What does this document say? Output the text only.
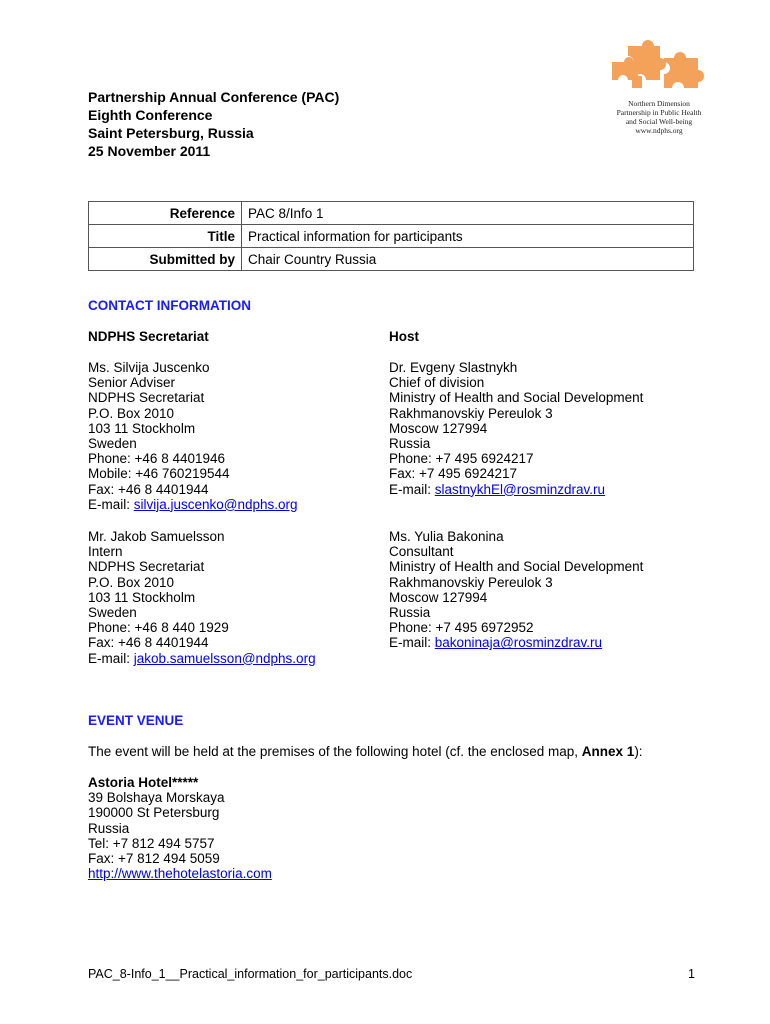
Partnership Annual Conference (PAC)
Eighth Conference
Saint Petersburg, Russia
25 November 2011
Northern Dimension
Partnership in Public Health
and Social Well-being
www.ndphs.org
Reference	PAC 8/Info 1
Title	Practical information for participants
Submitted by	Chair Country Russia
CONTACT INFORMATION
NDPHS Secretariat	Host
Ms. Silvija Juscenko
Senior Adviser
NDPHS Secretariat
P.O. Box 2010
103 11 Stockholm
Sweden
Phone: +46 8 4401946
Mobile: +46 760219544
Fax: +46 8 4401944
E-mail: silvija.juscenko@ndphs.org
Dr. Evgeny Slastnykh
Chief of division
Ministry of Health and Social Development
Rakhmanovskiy Pereulok 3
Moscow 127994
Russia
Phone: +7 495 6924217
Fax: +7 495 6924217
E-mail: slastnykhEl@rosminzdrav.ru
Mr. Jakob Samuelsson
Intern
NDPHS Secretariat
P.O. Box 2010
103 11 Stockholm
Sweden
Phone: +46 8 440 1929
Fax: +46 8 4401944
E-mail: jakob.samuelsson@ndphs.org
Ms. Yulia Bakonina
Consultant
Ministry of Health and Social Development
Rakhmanovskiy Pereulok 3
Moscow 127994
Russia
Phone: +7 495 6972952
E-mail: bakoninaja@rosminzdrav.ru
EVENT VENUE
The event will be held at the premises of the following hotel (cf. the enclosed map, Annex 1):
Astoria Hotel*****
39 Bolshaya Morskaya
190000 St Petersburg
Russia
Tel: +7 812 494 5757
Fax: +7 812 494 5059
http://www.thehotelastoria.com
PAC_8-Info_1__Practical_information_for_participants.doc	1
